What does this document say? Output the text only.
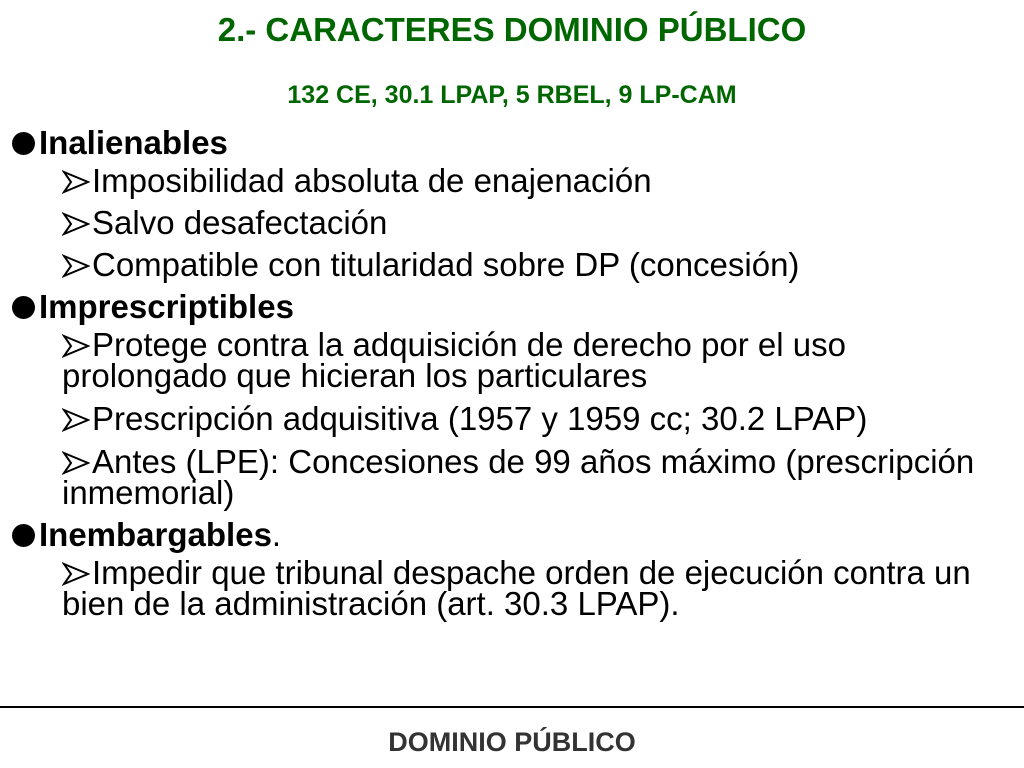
2.- CARACTERES DOMINIO PÚBLICO
132 CE, 30.1 LPAP, 5 RBEL, 9 LP-CAM
Inalienables
Imposibilidad absoluta de enajenación
Salvo desafectación
Compatible con titularidad sobre DP (concesión)
Imprescriptibles
Protege contra la adquisición de derecho por el uso prolongado que hicieran los particulares
Prescripción adquisitiva (1957 y 1959 cc; 30.2 LPAP)
Antes (LPE): Concesiones de 99 años máximo (prescripción inmemorial)
Inembargables .
Impedir que tribunal despache orden de ejecución contra un bien de la administración (art. 30.3 LPAP).
DOMINIO PÚBLICO
